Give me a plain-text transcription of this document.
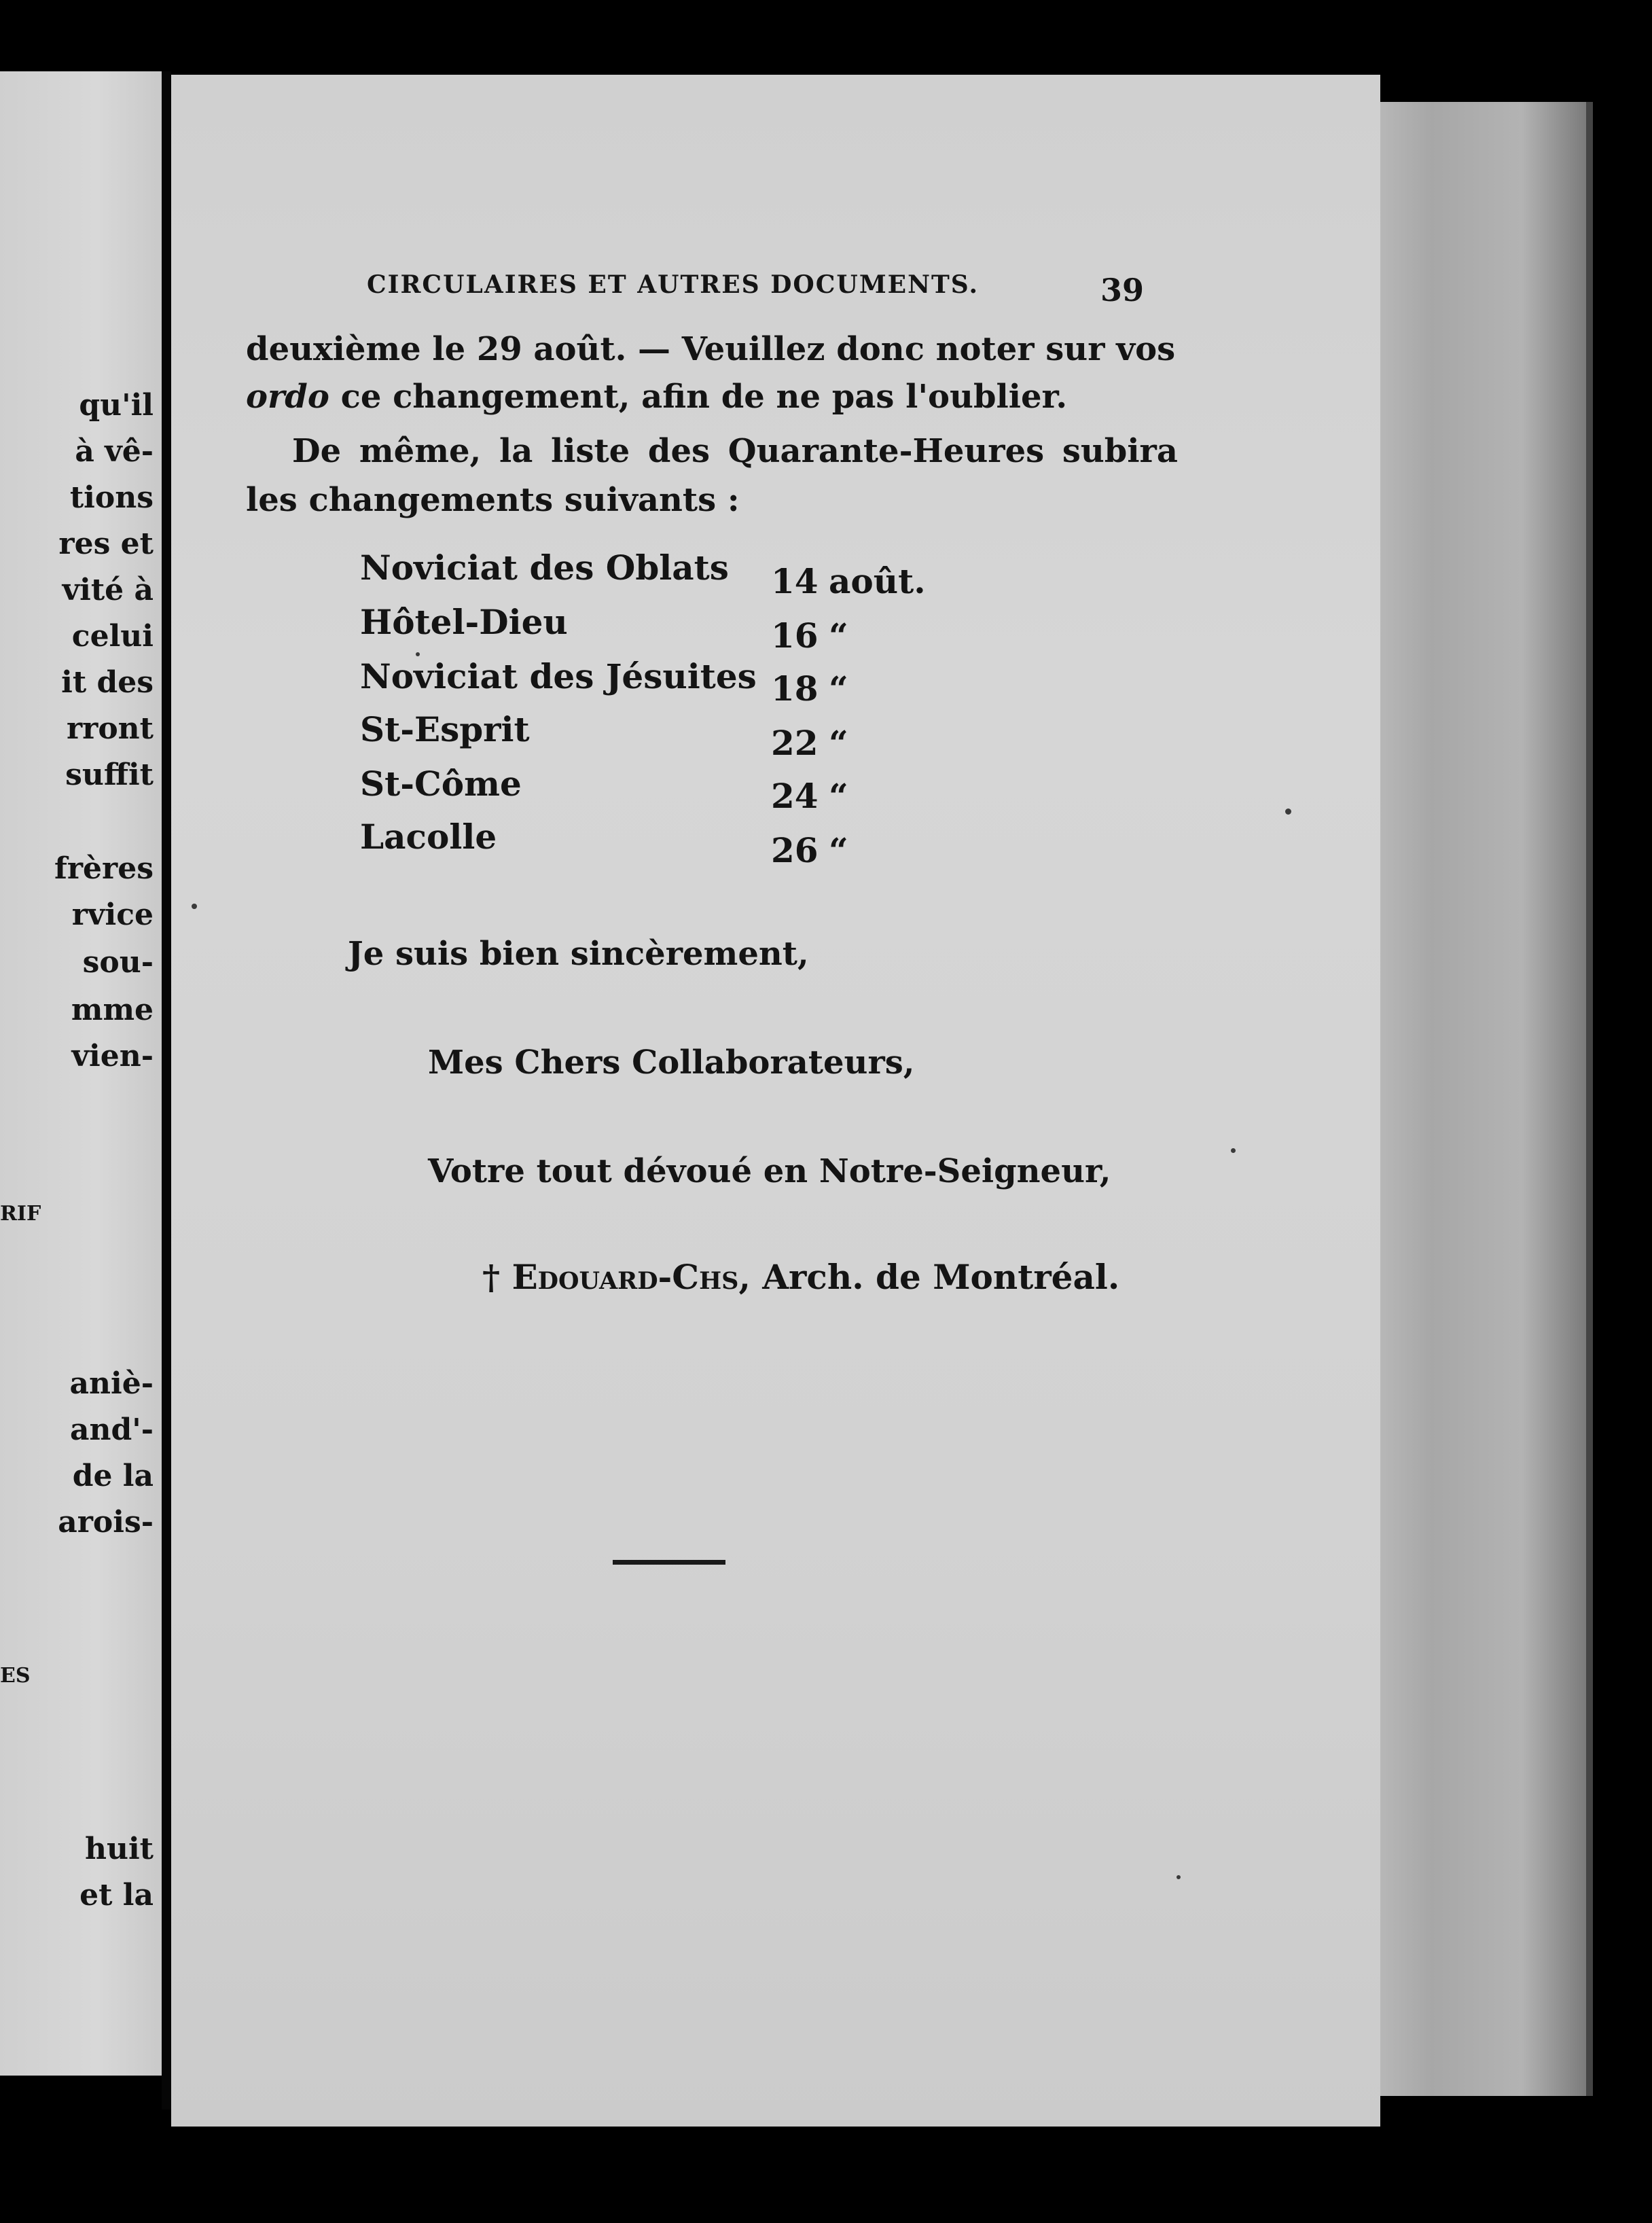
qu'il
à vê-
tions
res et
vité à
celui
it des
rront
suffit
frères
rvice
sou-
mme
vien-
RIF
aniè-
and'-
de la
arois-
ES
huit
et la
CIRCULAIRES ET AUTRES DOCUMENTS.	39
deuxième le 29 août. — Veuillez donc noter sur vos
ordo ce changement, afin de ne pas l'oublier.
De même, la liste des Quarante-Heures subira
les changements suivants :
Noviciat des Oblats 14 août.
Hôtel-Dieu	16 “
Noviciat des Jésuites 18 “
St-Esprit	22 “
St-Côme	24 “
Lacolle	26 “
Je suis bien sincèrement,
Mes Chers Collaborateurs,
Votre tout dévoué en Notre-Seigneur,
† Edouard-Chs, Arch. de Montréal.
